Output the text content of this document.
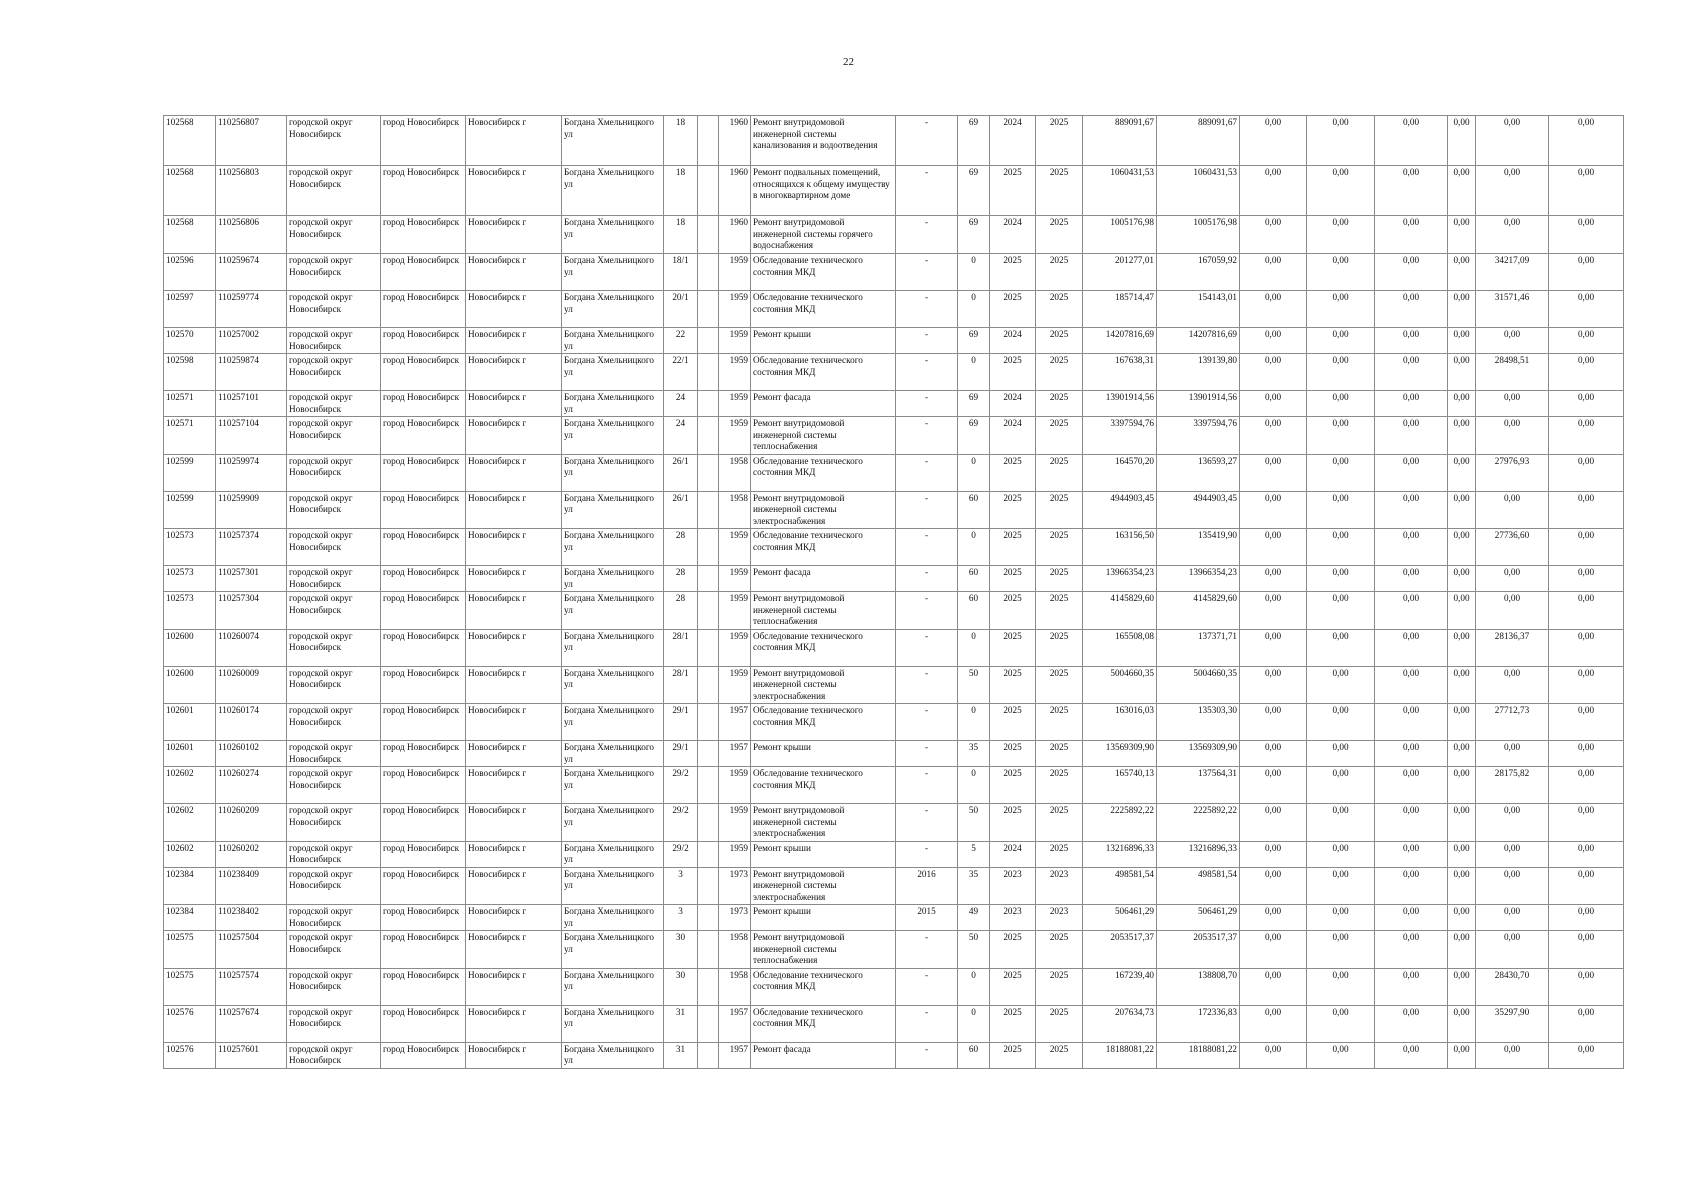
22
102568	110256807	городской округ Новосибирск	город Новосибирск	Новосибирск г	Богдана Хмельницкого ул	18		1960	Ремонт внутридомовой инженерной системы канализования и водоотведения	-	69	2024	2025	889091,67	889091,67	0,00	0,00	0,00	0,00	0,00	0,00
102568	110256803	городской округ Новосибирск	город Новосибирск	Новосибирск г	Богдана Хмельницкого ул	18		1960	Ремонт подвальных помещений, относящихся к общему имуществу в многоквартирном доме	-	69	2025	2025	1060431,53	1060431,53	0,00	0,00	0,00	0,00	0,00	0,00
102568	110256806	городской округ Новосибирск	город Новосибирск	Новосибирск г	Богдана Хмельницкого ул	18		1960	Ремонт внутридомовой инженерной системы горячего водоснабжения	-	69	2024	2025	1005176,98	1005176,98	0,00	0,00	0,00	0,00	0,00	0,00
102596	110259674	городской округ Новосибирск	город Новосибирск	Новосибирск г	Богдана Хмельницкого ул	18/1		1959	Обследование технического состояния МКД	-	0	2025	2025	201277,01	167059,92	0,00	0,00	0,00	0,00	34217,09	0,00
102597	110259774	городской округ Новосибирск	город Новосибирск	Новосибирск г	Богдана Хмельницкого ул	20/1		1959	Обследование технического состояния МКД	-	0	2025	2025	185714,47	154143,01	0,00	0,00	0,00	0,00	31571,46	0,00
102570	110257002	городской округ Новосибирск	город Новосибирск	Новосибирск г	Богдана Хмельницкого ул	22		1959	Ремонт крыши	-	69	2024	2025	14207816,69	14207816,69	0,00	0,00	0,00	0,00	0,00	0,00
102598	110259874	городской округ Новосибирск	город Новосибирск	Новосибирск г	Богдана Хмельницкого ул	22/1		1959	Обследование технического состояния МКД	-	0	2025	2025	167638,31	139139,80	0,00	0,00	0,00	0,00	28498,51	0,00
102571	110257101	городской округ Новосибирск	город Новосибирск	Новосибирск г	Богдана Хмельницкого ул	24		1959	Ремонт фасада	-	69	2024	2025	13901914,56	13901914,56	0,00	0,00	0,00	0,00	0,00	0,00
102571	110257104	городской округ Новосибирск	город Новосибирск	Новосибирск г	Богдана Хмельницкого ул	24		1959	Ремонт внутридомовой инженерной системы теплоснабжения	-	69	2024	2025	3397594,76	3397594,76	0,00	0,00	0,00	0,00	0,00	0,00
102599	110259974	городской округ Новосибирск	город Новосибирск	Новосибирск г	Богдана Хмельницкого ул	26/1		1958	Обследование технического состояния МКД	-	0	2025	2025	164570,20	136593,27	0,00	0,00	0,00	0,00	27976,93	0,00
102599	110259909	городской округ Новосибирск	город Новосибирск	Новосибирск г	Богдана Хмельницкого ул	26/1		1958	Ремонт внутридомовой инженерной системы электроснабжения	-	60	2025	2025	4944903,45	4944903,45	0,00	0,00	0,00	0,00	0,00	0,00
102573	110257374	городской округ Новосибирск	город Новосибирск	Новосибирск г	Богдана Хмельницкого ул	28		1959	Обследование технического состояния МКД	-	0	2025	2025	163156,50	135419,90	0,00	0,00	0,00	0,00	27736,60	0,00
102573	110257301	городской округ Новосибирск	город Новосибирск	Новосибирск г	Богдана Хмельницкого ул	28		1959	Ремонт фасада	-	60	2025	2025	13966354,23	13966354,23	0,00	0,00	0,00	0,00	0,00	0,00
102573	110257304	городской округ Новосибирск	город Новосибирск	Новосибирск г	Богдана Хмельницкого ул	28		1959	Ремонт внутридомовой инженерной системы теплоснабжения	-	60	2025	2025	4145829,60	4145829,60	0,00	0,00	0,00	0,00	0,00	0,00
102600	110260074	городской округ Новосибирск	город Новосибирск	Новосибирск г	Богдана Хмельницкого ул	28/1		1959	Обследование технического состояния МКД	-	0	2025	2025	165508,08	137371,71	0,00	0,00	0,00	0,00	28136,37	0,00
102600	110260009	городской округ Новосибирск	город Новосибирск	Новосибирск г	Богдана Хмельницкого ул	28/1		1959	Ремонт внутридомовой инженерной системы электроснабжения	-	50	2025	2025	5004660,35	5004660,35	0,00	0,00	0,00	0,00	0,00	0,00
102601	110260174	городской округ Новосибирск	город Новосибирск	Новосибирск г	Богдана Хмельницкого ул	29/1		1957	Обследование технического состояния МКД	-	0	2025	2025	163016,03	135303,30	0,00	0,00	0,00	0,00	27712,73	0,00
102601	110260102	городской округ Новосибирск	город Новосибирск	Новосибирск г	Богдана Хмельницкого ул	29/1		1957	Ремонт крыши	-	35	2025	2025	13569309,90	13569309,90	0,00	0,00	0,00	0,00	0,00	0,00
102602	110260274	городской округ Новосибирск	город Новосибирск	Новосибирск г	Богдана Хмельницкого ул	29/2		1959	Обследование технического состояния МКД	-	0	2025	2025	165740,13	137564,31	0,00	0,00	0,00	0,00	28175,82	0,00
102602	110260209	городской округ Новосибирск	город Новосибирск	Новосибирск г	Богдана Хмельницкого ул	29/2		1959	Ремонт внутридомовой инженерной системы электроснабжения	-	50	2025	2025	2225892,22	2225892,22	0,00	0,00	0,00	0,00	0,00	0,00
102602	110260202	городской округ Новосибирск	город Новосибирск	Новосибирск г	Богдана Хмельницкого ул	29/2		1959	Ремонт крыши	-	5	2024	2025	13216896,33	13216896,33	0,00	0,00	0,00	0,00	0,00	0,00
102384	110238409	городской округ Новосибирск	город Новосибирск	Новосибирск г	Богдана Хмельницкого ул	3		1973	Ремонт внутридомовой инженерной системы электроснабжения	2016	35	2023	2023	498581,54	498581,54	0,00	0,00	0,00	0,00	0,00	0,00
102384	110238402	городской округ Новосибирск	город Новосибирск	Новосибирск г	Богдана Хмельницкого ул	3		1973	Ремонт крыши	2015	49	2023	2023	506461,29	506461,29	0,00	0,00	0,00	0,00	0,00	0,00
102575	110257504	городской округ Новосибирск	город Новосибирск	Новосибирск г	Богдана Хмельницкого ул	30		1958	Ремонт внутридомовой инженерной системы теплоснабжения	-	50	2025	2025	2053517,37	2053517,37	0,00	0,00	0,00	0,00	0,00	0,00
102575	110257574	городской округ Новосибирск	город Новосибирск	Новосибирск г	Богдана Хмельницкого ул	30		1958	Обследование технического состояния МКД	-	0	2025	2025	167239,40	138808,70	0,00	0,00	0,00	0,00	28430,70	0,00
102576	110257674	городской округ Новосибирск	город Новосибирск	Новосибирск г	Богдана Хмельницкого ул	31		1957	Обследование технического состояния МКД	-	0	2025	2025	207634,73	172336,83	0,00	0,00	0,00	0,00	35297,90	0,00
102576	110257601	городской округ Новосибирск	город Новосибирск	Новосибирск г	Богдана Хмельницкого ул	31		1957	Ремонт фасада	-	60	2025	2025	18188081,22	18188081,22	0,00	0,00	0,00	0,00	0,00	0,00
